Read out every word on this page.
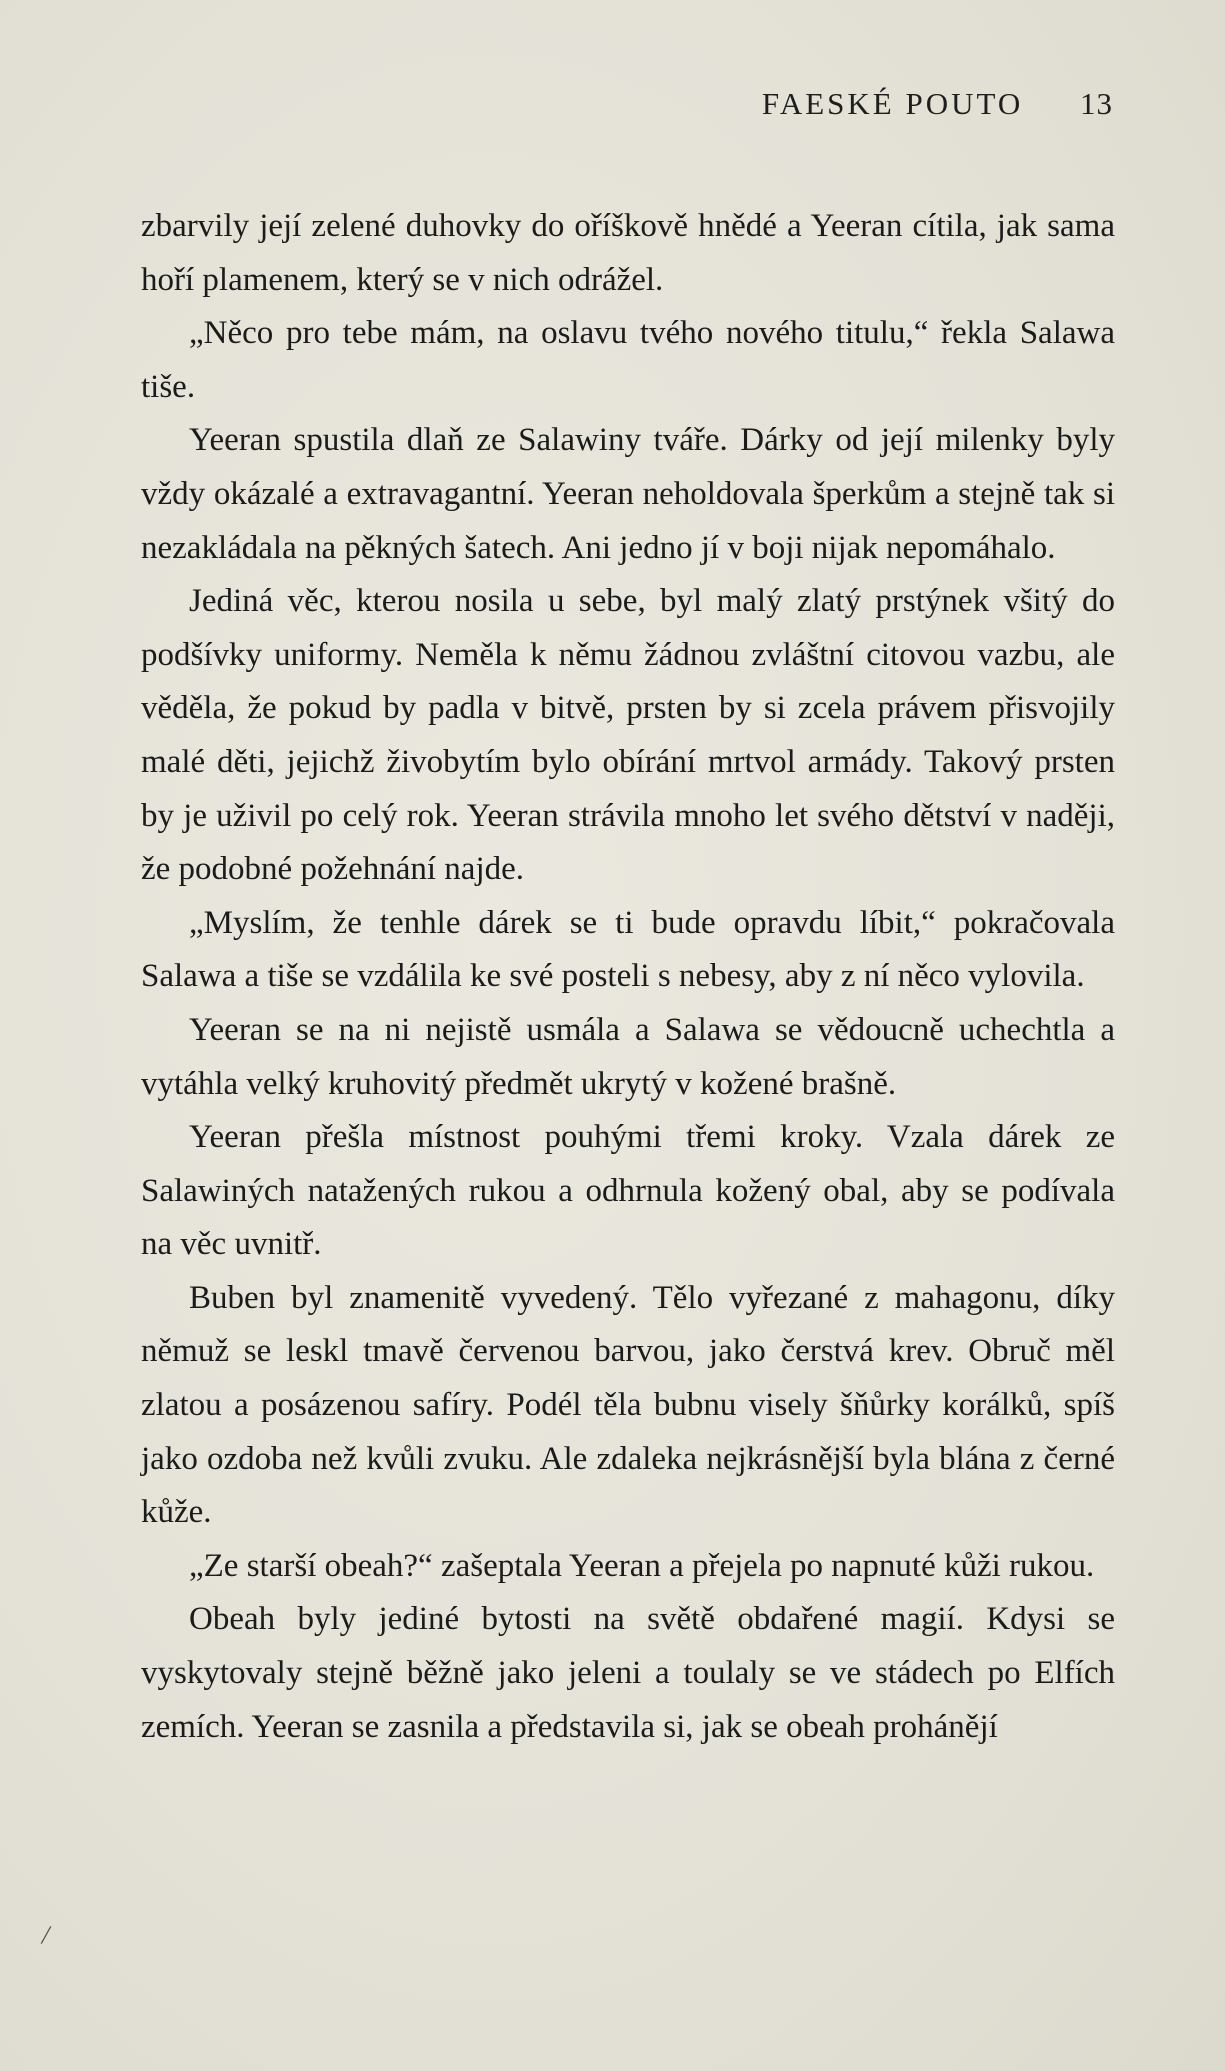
FAESKÉ POUTO 13

zbarvily její zelené duhovky do oříškově hnědé a Yeeran cítila, jak sama hoří plamenem, který se v nich odrážel.

„Něco pro tebe mám, na oslavu tvého nového titulu,“ řekla Salawa tiše.

Yeeran spustila dlaň ze Salawiny tváře. Dárky od její milenky byly vždy okázalé a extravagantní. Yeeran neholdovala šperkům a stejně tak si nezakládala na pěkných šatech. Ani jedno jí v boji nijak nepomáhalo.

Jediná věc, kterou nosila u sebe, byl malý zlatý prstýnek všitý do podšívky uniformy. Neměla k němu žádnou zvláštní citovou vazbu, ale věděla, že pokud by padla v bitvě, prsten by si zcela právem přisvojily malé děti, jejichž živobytím bylo obírání mrtvol armády. Takový prsten by je uživil po celý rok. Yeeran strávila mnoho let svého dětství v naději, že podobné požehnání najde.

„Myslím, že tenhle dárek se ti bude opravdu líbit,“ pokračovala Salawa a tiše se vzdálila ke své posteli s nebesy, aby z ní něco vylovila.

Yeeran se na ni nejistě usmála a Salawa se vědoucně uchechtla a vytáhla velký kruhovitý předmět ukrytý v kožené brašně.

Yeeran přešla místnost pouhými třemi kroky. Vzala dárek ze Salawiných natažených rukou a odhrnula kožený obal, aby se podívala na věc uvnitř.

Buben byl znamenitě vyvedený. Tělo vyřezané z mahagonu, díky němuž se leskl tmavě červenou barvou, jako čerstvá krev. Obruč měl zlatou a posázenou safíry. Podél těla bubnu visely šňůrky korálků, spíš jako ozdoba než kvůli zvuku. Ale zdaleka nejkrásnější byla blána z černé kůže.

„Ze starší obeah?“ zašeptala Yeeran a přejela po napnuté kůži rukou.

Obeah byly jediné bytosti na světě obdařené magií. Kdysi se vyskytovaly stejně běžně jako jeleni a toulaly se ve stádech po Elfích zemích. Yeeran se zasnila a představila si, jak se obeah prohánějí

/
